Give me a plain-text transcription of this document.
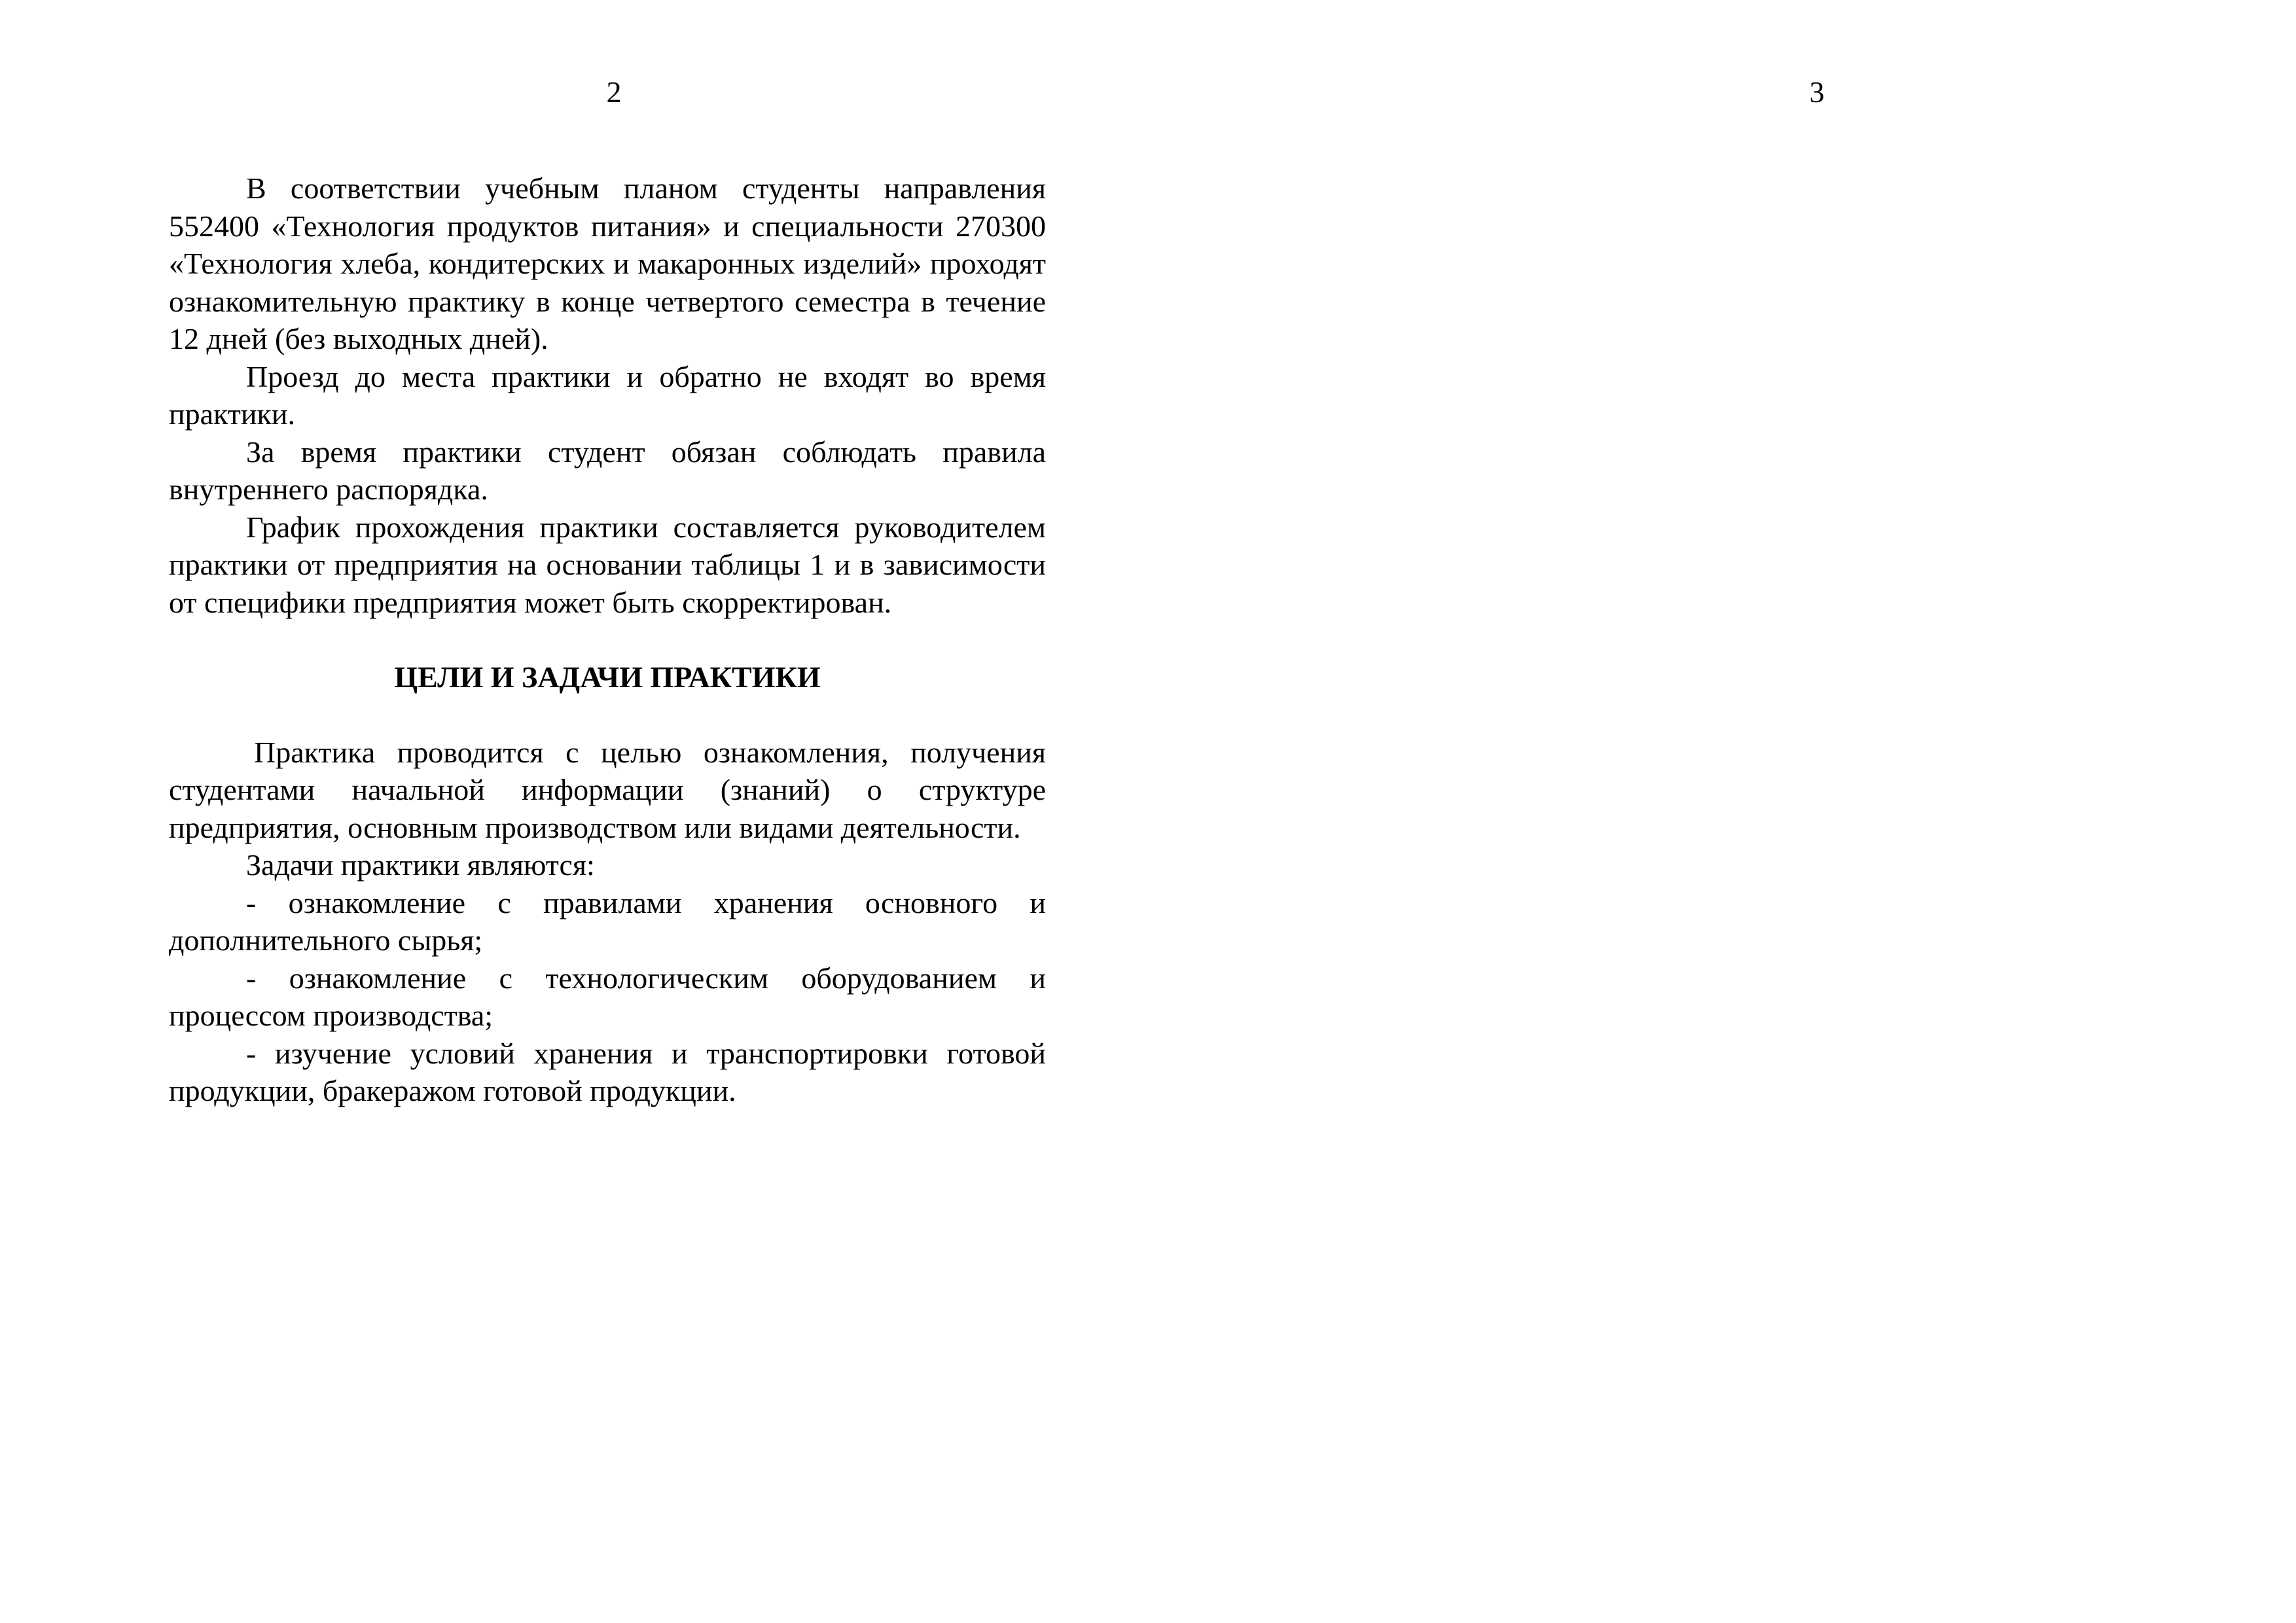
2	3

В соответствии учебным планом студенты направления 552400 «Технология продуктов питания» и специальности 270300 «Технология хлеба, кондитерских и макаронных изделий» проходят ознакомительную практику в конце четвертого семестра в течение 12 дней (без выходных дней).

Проезд до места практики и обратно не входят во время практики.

За время практики студент обязан соблюдать правила внутреннего распорядка.

График прохождения практики составляется руководителем практики от предприятия на основании таблицы 1 и в зависимости от специфики предприятия может быть скорректирован.

ЦЕЛИ И ЗАДАЧИ ПРАКТИКИ

Практика проводится с целью ознакомления, получения студентами начальной информации (знаний) о структуре предприятия, основным производством или видами деятельности.

Задачи практики являются:

- ознакомление с правилами хранения основного и дополнительного сырья;

- ознакомление с технологическим оборудованием и процессом производства;

- изучение условий хранения и транспортировки готовой продукции, бракеражом готовой продукции.
